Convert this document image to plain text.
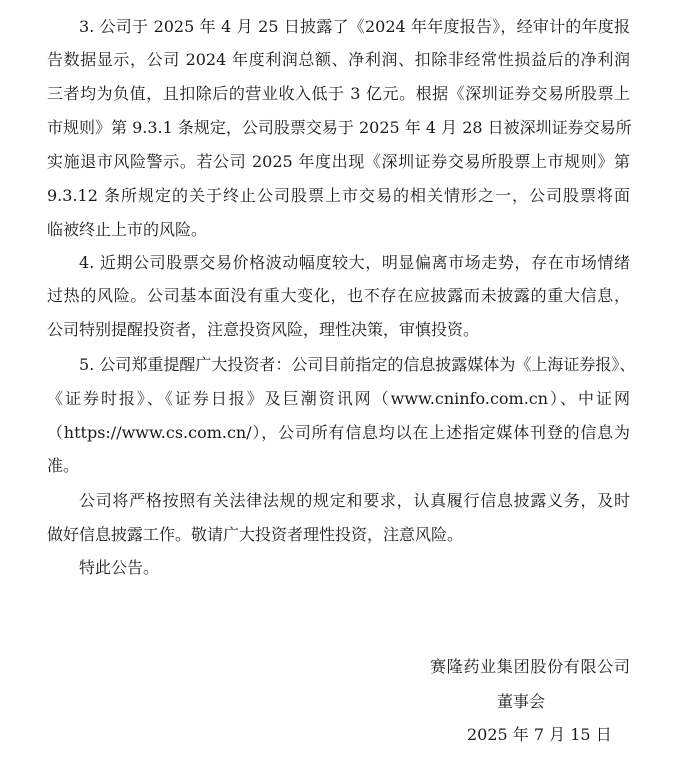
3. 公司于 2025 年 4 月 25 日披露了《2024 年年度报告》，经审计的年度报
告数据显示，公司 2024 年度利润总额、净利润、扣除非经常性损益后的净利润
三者均为负值，且扣除后的营业收入低于 3 亿元。根据《深圳证券交易所股票上
市规则》第 9.3.1 条规定，公司股票交易于 2025 年 4 月 28 日被深圳证券交易所
实施退市风险警示。若公司 2025 年度出现《深圳证券交易所股票上市规则》第
9.3.12 条所规定的关于终止公司股票上市交易的相关情形之一，公司股票将面
临被终止上市的风险。
4. 近期公司股票交易价格波动幅度较大，明显偏离市场走势，存在市场情绪
过热的风险。公司基本面没有重大变化，也不存在应披露而未披露的重大信息，
公司特别提醒投资者，注意投资风险，理性决策，审慎投资。
5. 公司郑重提醒广大投资者：公司目前指定的信息披露媒体为《上海证券报》、
《证券时报》、《证券日报》及巨潮资讯网（www.cninfo.com.cn）、中证网
（https://www.cs.com.cn/），公司所有信息均以在上述指定媒体刊登的信息为
准。
公司将严格按照有关法律法规的规定和要求，认真履行信息披露义务，及时
做好信息披露工作。敬请广大投资者理性投资，注意风险。
特此公告。
赛隆药业集团股份有限公司
董事会
2025 年 7 月 15 日
